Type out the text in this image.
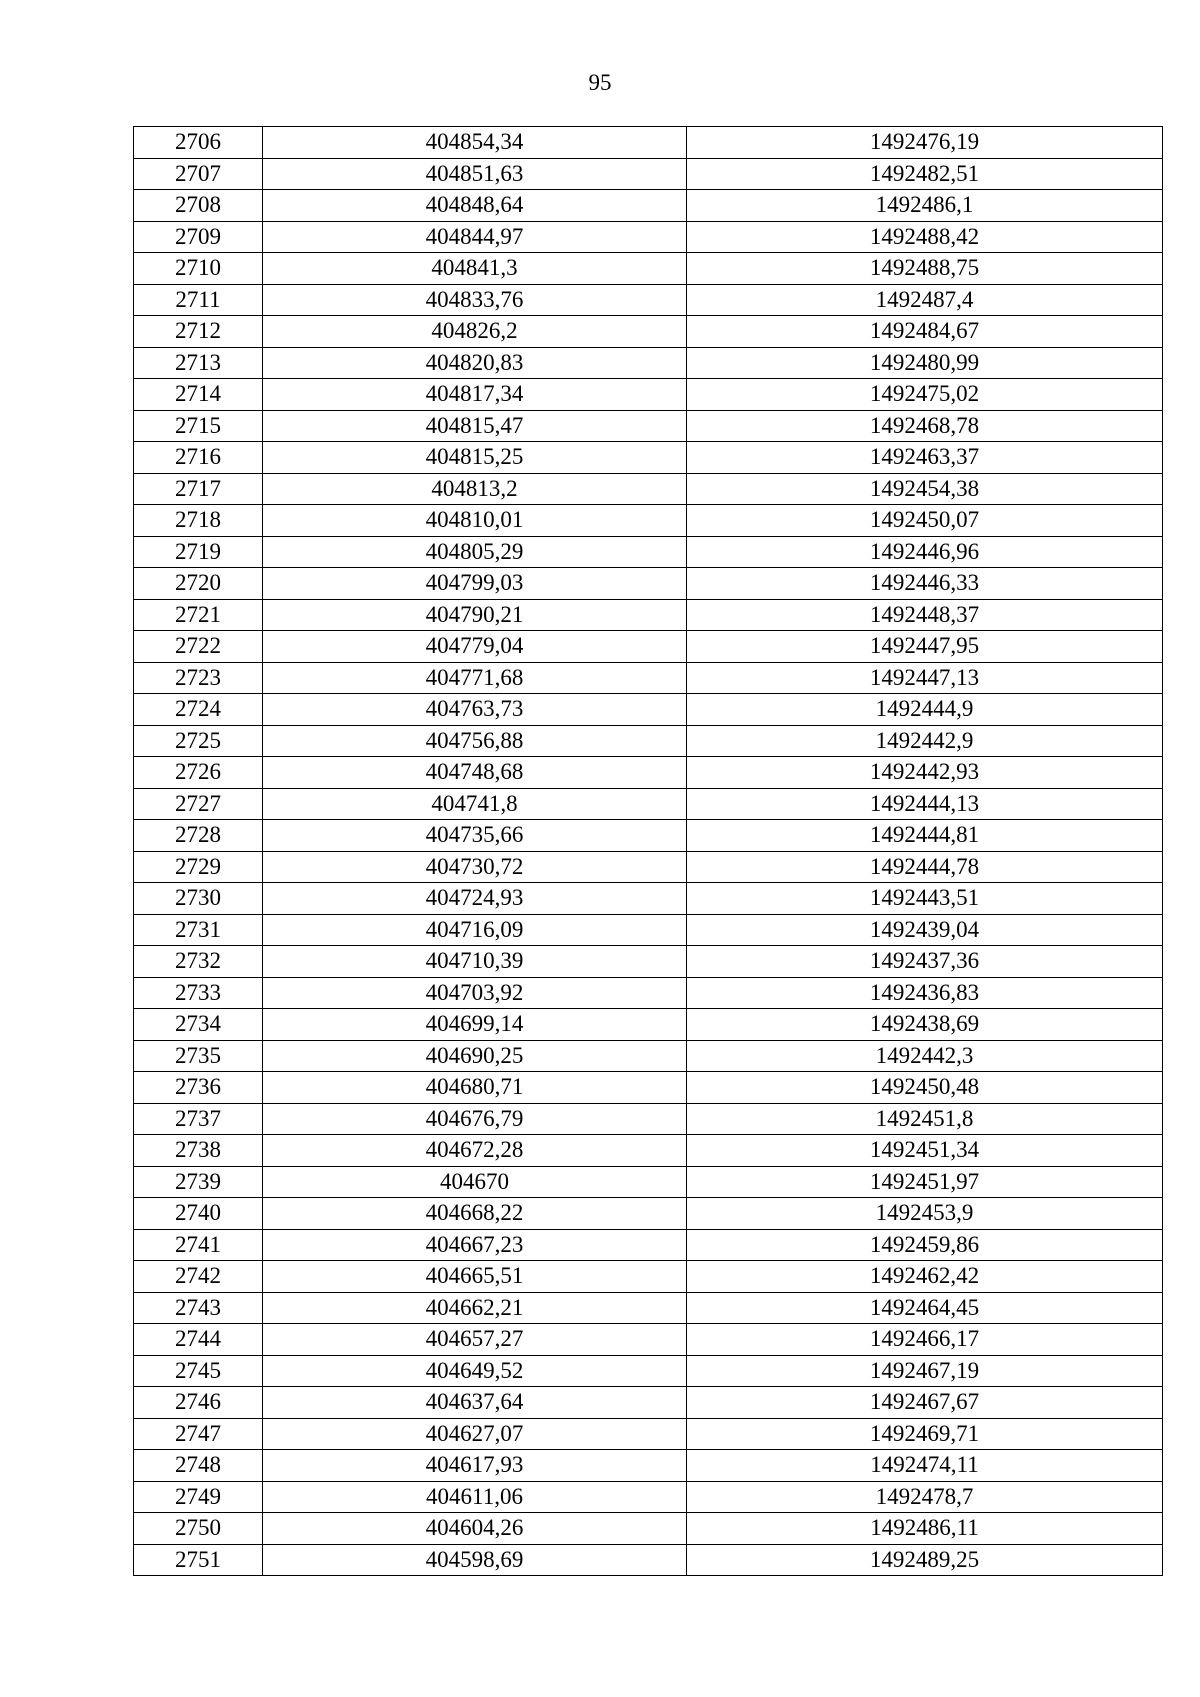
95
2706	404854,34	1492476,19
2707	404851,63	1492482,51
2708	404848,64	1492486,1
2709	404844,97	1492488,42
2710	404841,3	1492488,75
2711	404833,76	1492487,4
2712	404826,2	1492484,67
2713	404820,83	1492480,99
2714	404817,34	1492475,02
2715	404815,47	1492468,78
2716	404815,25	1492463,37
2717	404813,2	1492454,38
2718	404810,01	1492450,07
2719	404805,29	1492446,96
2720	404799,03	1492446,33
2721	404790,21	1492448,37
2722	404779,04	1492447,95
2723	404771,68	1492447,13
2724	404763,73	1492444,9
2725	404756,88	1492442,9
2726	404748,68	1492442,93
2727	404741,8	1492444,13
2728	404735,66	1492444,81
2729	404730,72	1492444,78
2730	404724,93	1492443,51
2731	404716,09	1492439,04
2732	404710,39	1492437,36
2733	404703,92	1492436,83
2734	404699,14	1492438,69
2735	404690,25	1492442,3
2736	404680,71	1492450,48
2737	404676,79	1492451,8
2738	404672,28	1492451,34
2739	404670	1492451,97
2740	404668,22	1492453,9
2741	404667,23	1492459,86
2742	404665,51	1492462,42
2743	404662,21	1492464,45
2744	404657,27	1492466,17
2745	404649,52	1492467,19
2746	404637,64	1492467,67
2747	404627,07	1492469,71
2748	404617,93	1492474,11
2749	404611,06	1492478,7
2750	404604,26	1492486,11
2751	404598,69	1492489,25
